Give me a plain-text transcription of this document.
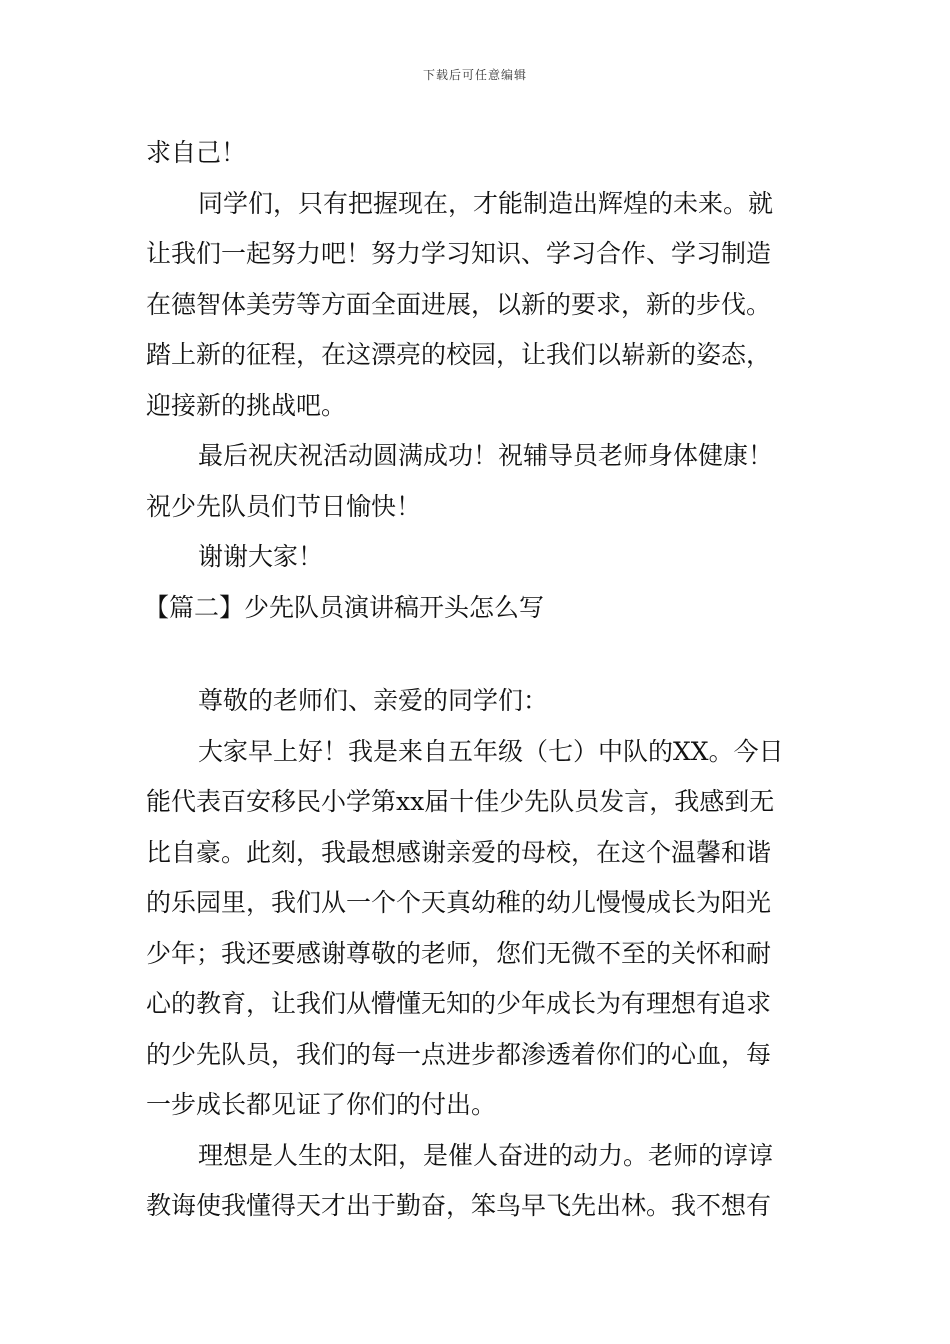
下载后可任意编辑
求自己！
同学们，只有把握现在，才能制造出辉煌的未来。就
让我们一起努力吧！努力学习知识、学习合作、学习制造
在德智体美劳等方面全面进展，以新的要求，新的步伐。
踏上新的征程，在这漂亮的校园，让我们以崭新的姿态，
迎接新的挑战吧。
最后祝庆祝活动圆满成功！祝辅导员老师身体健康！
祝少先队员们节日愉快！
谢谢大家！
【篇二】少先队员演讲稿开头怎么写
尊敬的老师们、亲爱的同学们：
大家早上好！我是来自五年级（七）中队的XX。今日
能代表百安移民小学第xx届十佳少先队员发言，我感到无
比自豪。此刻，我最想感谢亲爱的母校，在这个温馨和谐
的乐园里，我们从一个个天真幼稚的幼儿慢慢成长为阳光
少年；我还要感谢尊敬的老师，您们无微不至的关怀和耐
心的教育，让我们从懵懂无知的少年成长为有理想有追求
的少先队员，我们的每一点进步都渗透着你们的心血，每
一步成长都见证了你们的付出。
理想是人生的太阳，是催人奋进的动力。老师的谆谆
教诲使我懂得天才出于勤奋，笨鸟早飞先出林。我不想有
